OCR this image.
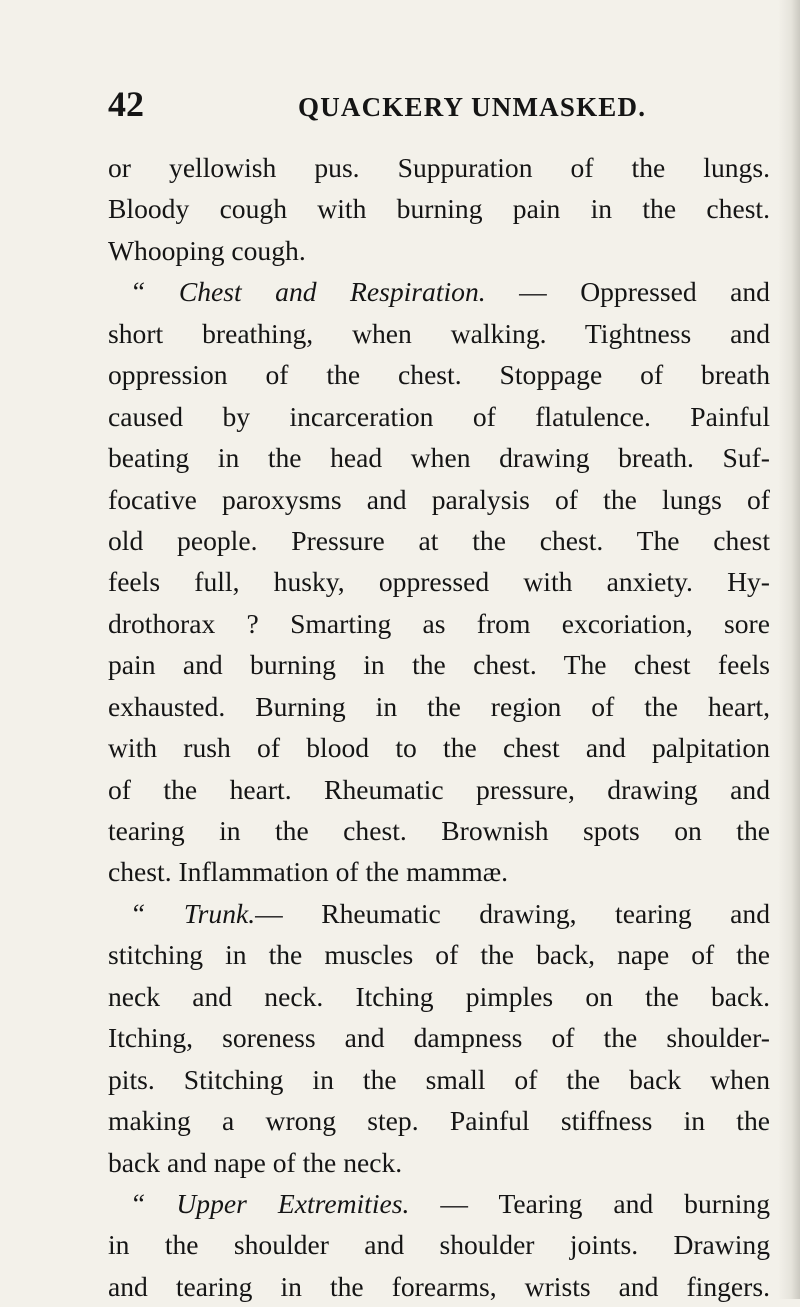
42	QUACKERY UNMASKED.
or yellowish pus. Suppuration of the lungs.
Bloody cough with burning pain in the chest.
Whooping cough.
“ Chest and Respiration. — Oppressed and
short breathing, when walking. Tightness and
oppression of the chest. Stoppage of breath
caused by incarceration of flatulence. Painful
beating in the head when drawing breath. Suf-
focative paroxysms and paralysis of the lungs of
old people. Pressure at the chest. The chest
feels full, husky, oppressed with anxiety. Hy-
drothorax ? Smarting as from excoriation, sore
pain and burning in the chest. The chest feels
exhausted. Burning in the region of the heart,
with rush of blood to the chest and palpitation
of the heart. Rheumatic pressure, drawing and
tearing in the chest. Brownish spots on the
chest. Inflammation of the mammæ.
“ Trunk.— Rheumatic drawing, tearing and
stitching in the muscles of the back, nape of the
neck and neck. Itching pimples on the back.
Itching, soreness and dampness of the shoulder-
pits. Stitching in the small of the back when
making a wrong step. Painful stiffness in the
back and nape of the neck.
“ Upper Extremities. — Tearing and burning
in the shoulder and shoulder joints. Drawing
and tearing in the forearms, wrists and fingers.
